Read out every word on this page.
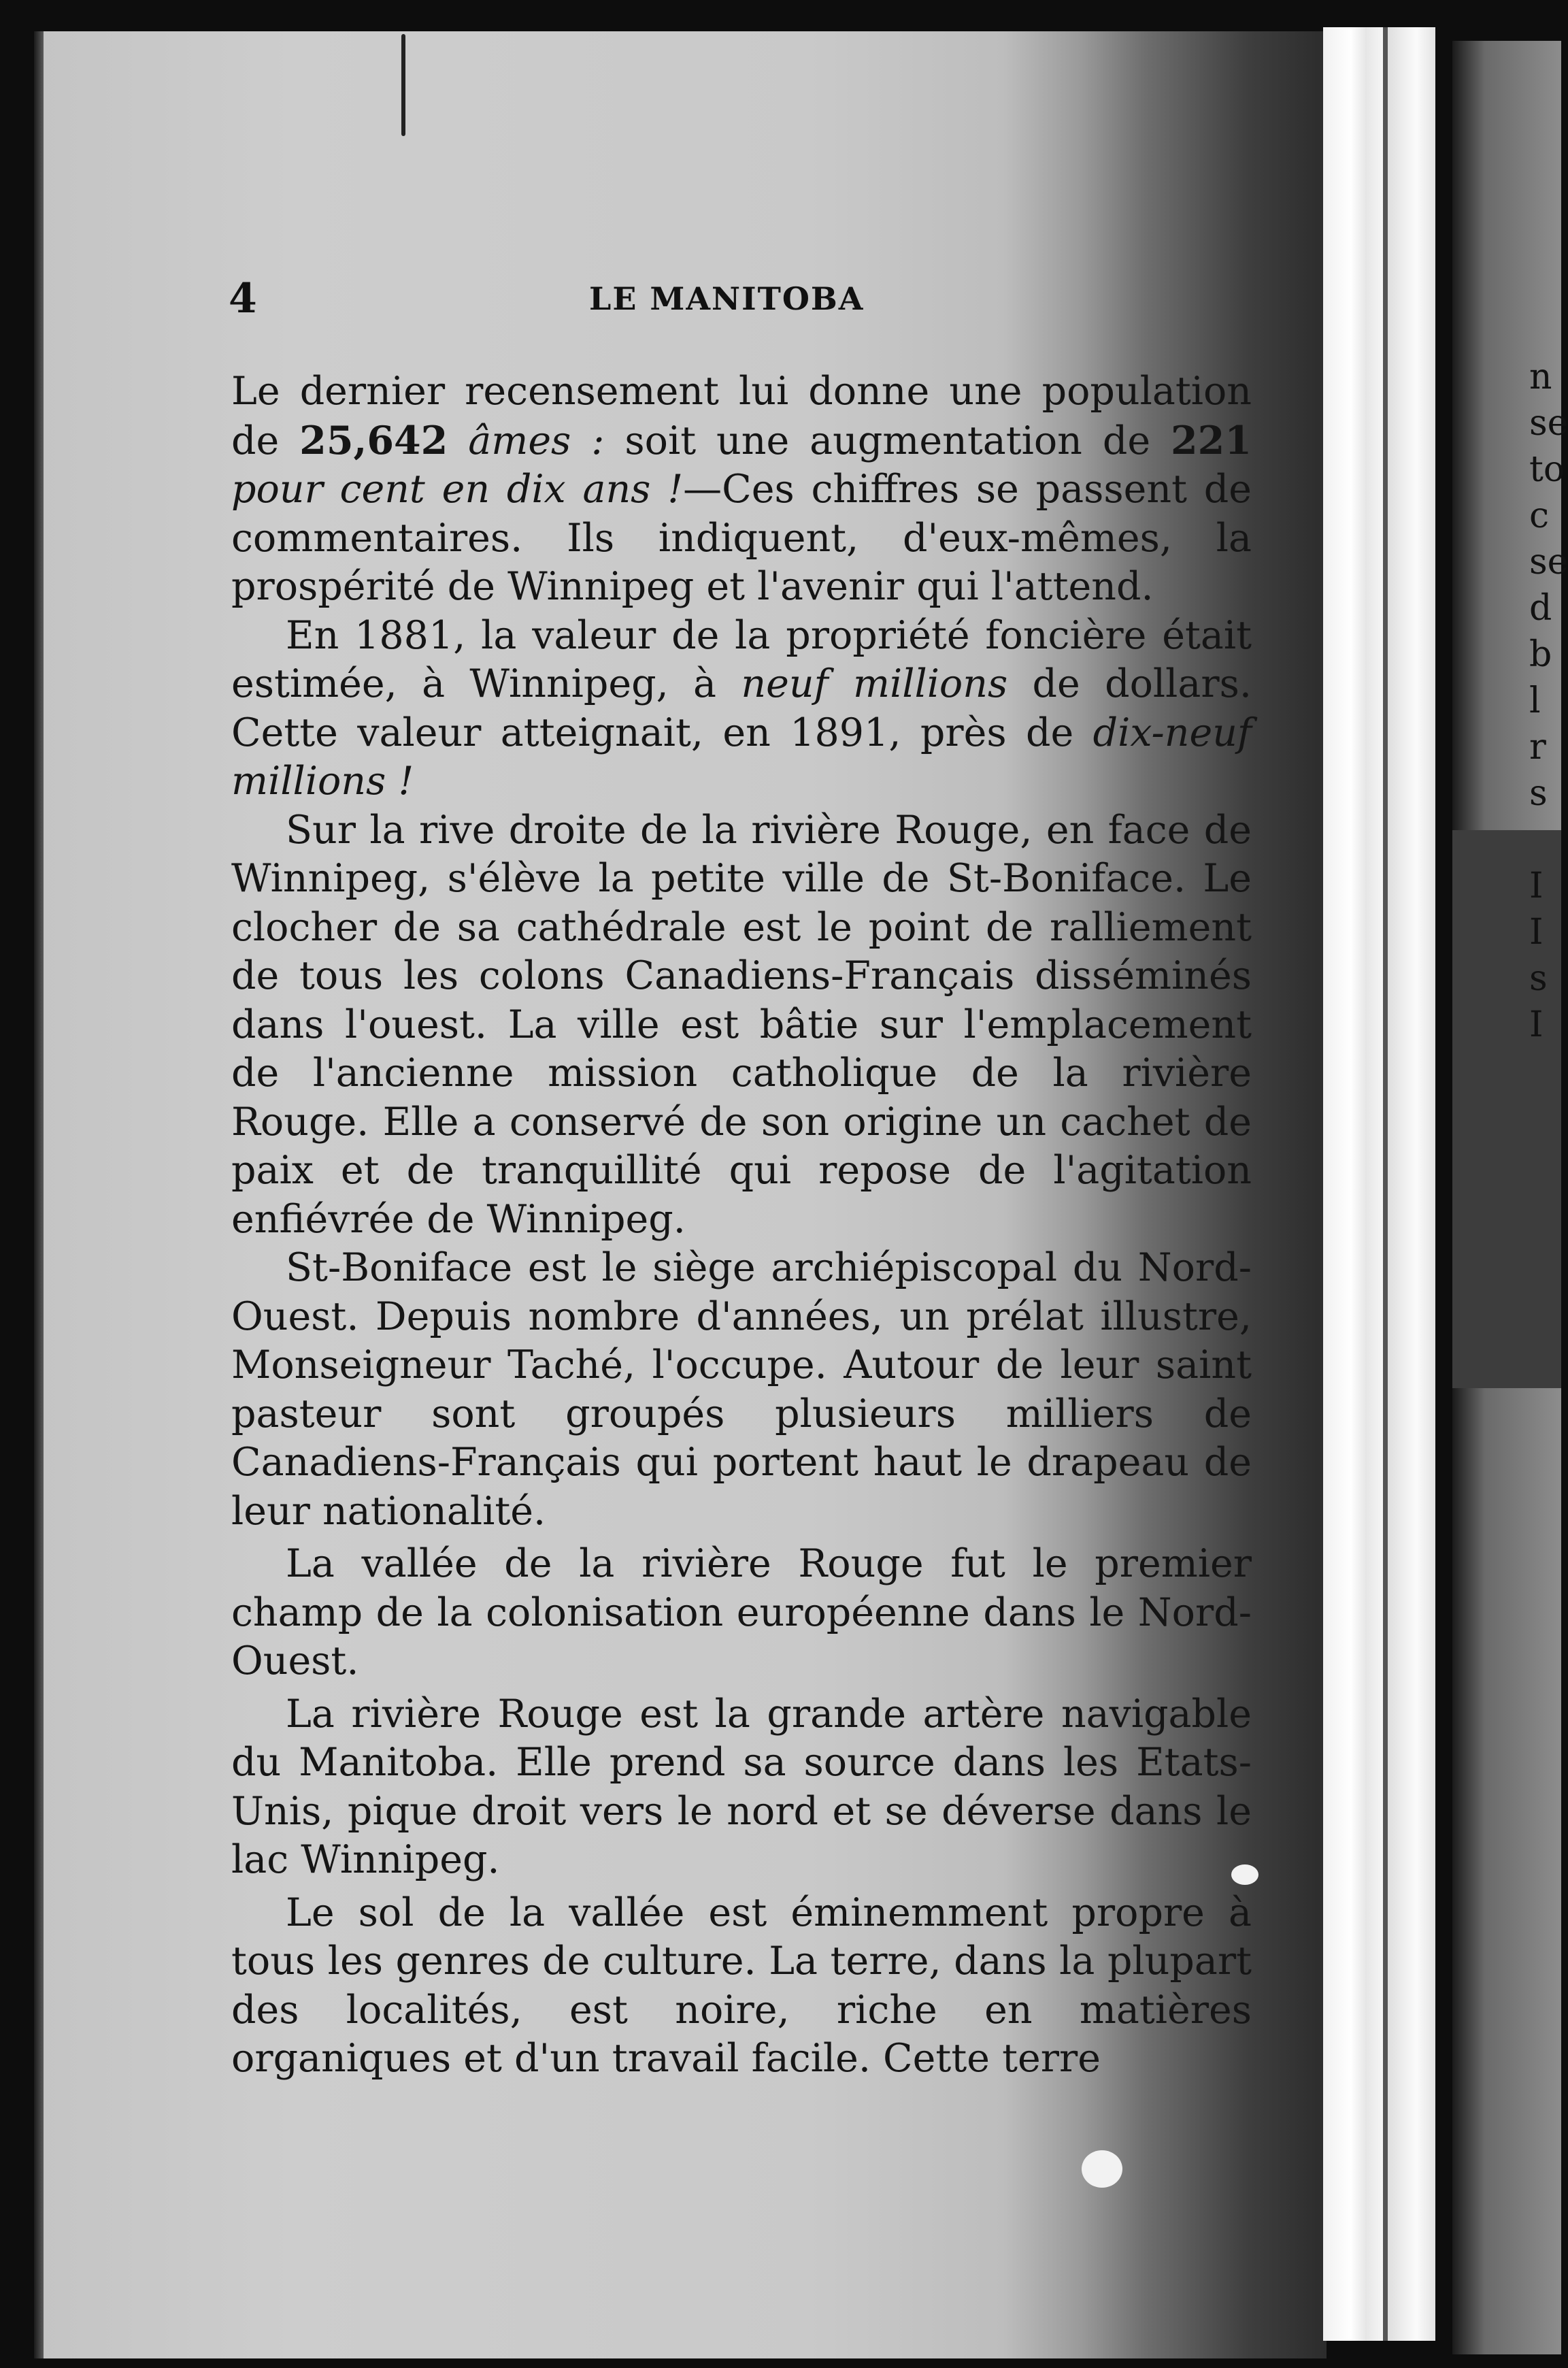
n
se
to
c
se
d
b
l
r
s
I
I
s
I
4	LE MANITOBA

Le dernier recensement lui donne une population de 25,642 âmes : soit une augmentation de 221 pour cent en dix ans !—Ces chiffres se passent de commentaires. Ils indiquent, d'eux-mêmes, la prospérité de Winnipeg et l'avenir qui l'attend.

En 1881, la valeur de la propriété foncière était estimée, à Winnipeg, à neuf millions de dollars. Cette valeur atteignait, en 1891, près de dix-neuf millions !

Sur la rive droite de la rivière Rouge, en face de Winnipeg, s'élève la petite ville de St-Boniface. Le clocher de sa cathédrale est le point de ralliement de tous les colons Canadiens-Français disséminés dans l'ouest. La ville est bâtie sur l'emplacement de l'ancienne mission catholique de la rivière Rouge. Elle a conservé de son origine un cachet de paix et de tranquillité qui repose de l'agitation enfiévrée de Winnipeg.

St-Boniface est le siège archiépiscopal du Nord-Ouest. Depuis nombre d'années, un prélat illustre, Monseigneur Taché, l'occupe. Autour de leur saint pasteur sont groupés plusieurs milliers de Canadiens-Français qui portent haut le drapeau de leur nationalité.

La vallée de la rivière Rouge fut le premier champ de la colonisation européenne dans le Nord-Ouest.

La rivière Rouge est la grande artère navigable du Manitoba. Elle prend sa source dans les Etats-Unis, pique droit vers le nord et se déverse dans le lac Winnipeg.

Le sol de la vallée est éminemment propre à tous les genres de culture. La terre, dans la plupart des localités, est noire, riche en matières organiques et d'un travail facile. Cette terre
